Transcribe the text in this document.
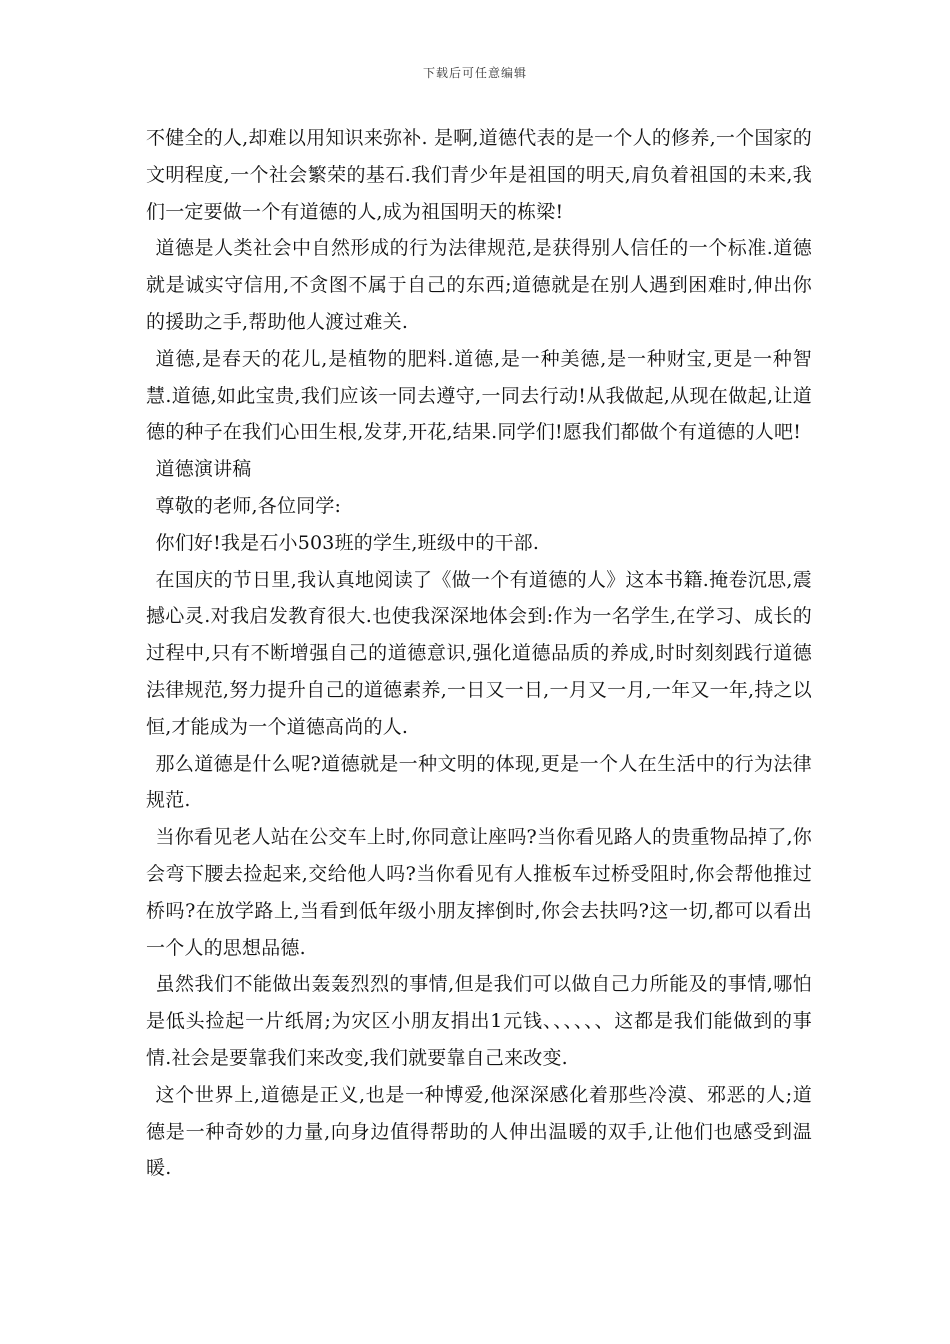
下载后可任意编辑

不健全的人,却难以用知识来弥补. 是啊,道德代表的是一个人的修养,一个国家的文明程度,一个社会繁荣的基石.我们青少年是祖国的明天,肩负着祖国的未来,我们一定要做一个有道德的人,成为祖国明天的栋梁!

道德是人类社会中自然形成的行为法律规范,是获得别人信任的一个标准.道德就是诚实守信用,不贪图不属于自己的东西;道德就是在别人遇到困难时,伸出你的援助之手,帮助他人渡过难关.

道德,是春天的花儿,是植物的肥料.道德,是一种美德,是一种财宝,更是一种智慧.道德,如此宝贵,我们应该一同去遵守,一同去行动!从我做起,从现在做起,让道德的种子在我们心田生根,发芽,开花,结果.同学们!愿我们都做个有道德的人吧!

道德演讲稿

尊敬的老师,各位同学:

你们好!我是石小503班的学生,班级中的干部.

在国庆的节日里,我认真地阅读了《做一个有道德的人》这本书籍.掩卷沉思,震撼心灵.对我启发教育很大.也使我深深地体会到:作为一名学生,在学习、成长的过程中,只有不断增强自己的道德意识,强化道德品质的养成,时时刻刻践行道德法律规范,努力提升自己的道德素养,一日又一日,一月又一月,一年又一年,持之以恒,才能成为一个道德高尚的人.

那么道德是什么呢?道德就是一种文明的体现,更是一个人在生活中的行为法律规范.

当你看见老人站在公交车上时,你同意让座吗?当你看见路人的贵重物品掉了,你会弯下腰去捡起来,交给他人吗?当你看见有人推板车过桥受阻时,你会帮他推过桥吗?在放学路上,当看到低年级小朋友摔倒时,你会去扶吗?这一切,都可以看出一个人的思想品德.

虽然我们不能做出轰轰烈烈的事情,但是我们可以做自己力所能及的事情,哪怕是低头捡起一片纸屑;为灾区小朋友捐出1元钱、、、、、、这都是我们能做到的事情.社会是要靠我们来改变,我们就要靠自己来改变.

这个世界上,道德是正义,也是一种博爱,他深深感化着那些冷漠、邪恶的人;道德是一种奇妙的力量,向身边值得帮助的人伸出温暖的双手,让他们也感受到温暖.
